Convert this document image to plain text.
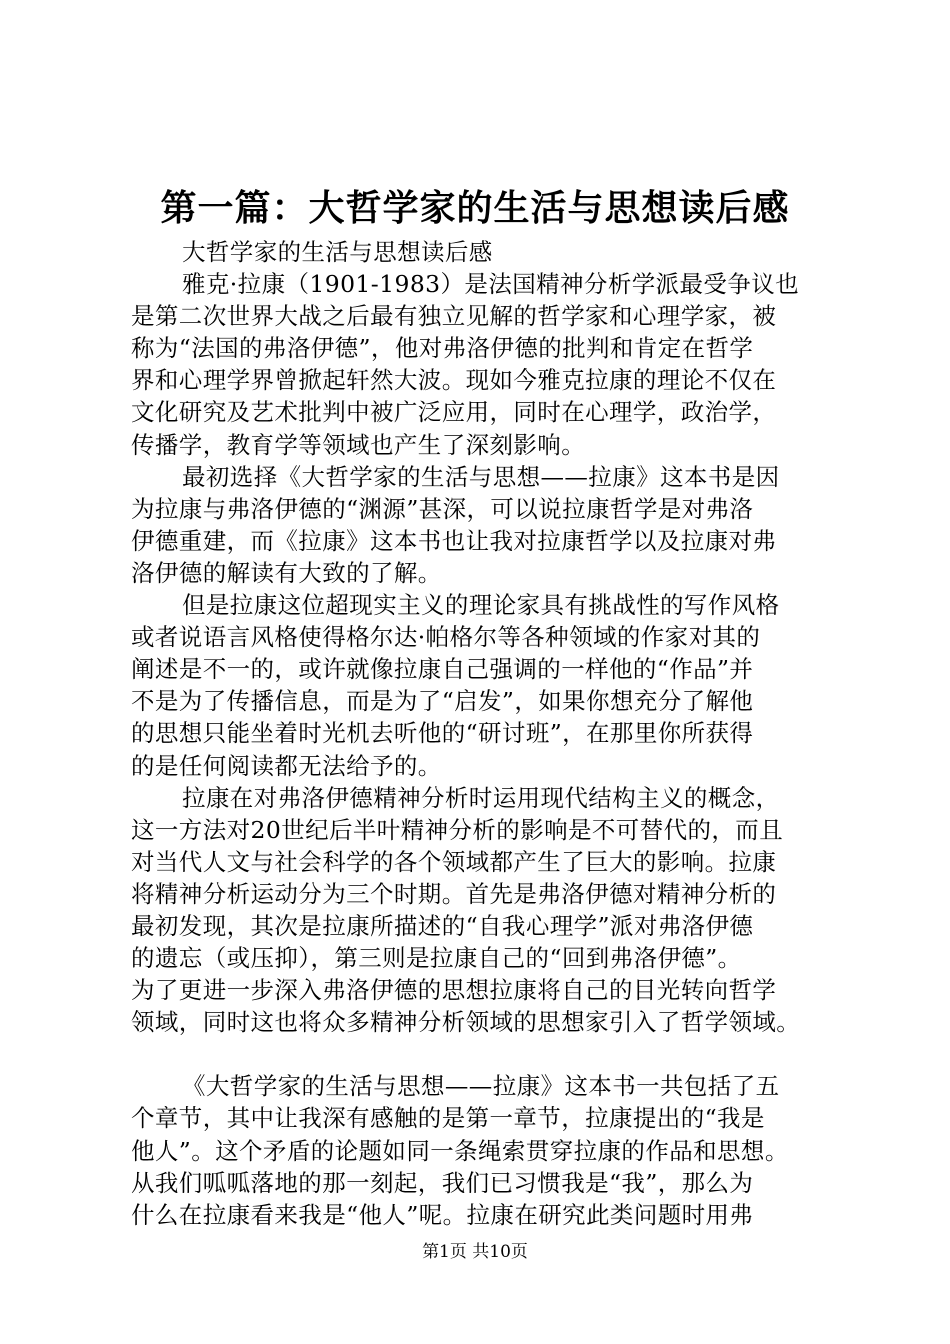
第一篇：大哲学家的生活与思想读后感
大哲学家的生活与思想读后感
雅克·拉康（1901-1983）是法国精神分析学派最受争议也
是第二次世界大战之后最有独立见解的哲学家和心理学家，被
称为“法国的弗洛伊德”，他对弗洛伊德的批判和肯定在哲学
界和心理学界曾掀起轩然大波。现如今雅克拉康的理论不仅在
文化研究及艺术批判中被广泛应用，同时在心理学，政治学，
传播学，教育学等领域也产生了深刻影响。
最初选择《大哲学家的生活与思想——拉康》这本书是因
为拉康与弗洛伊德的“渊源”甚深，可以说拉康哲学是对弗洛
伊德重建，而《拉康》这本书也让我对拉康哲学以及拉康对弗
洛伊德的解读有大致的了解。
但是拉康这位超现实主义的理论家具有挑战性的写作风格
或者说语言风格使得格尔达·帕格尔等各种领域的作家对其的
阐述是不一的，或许就像拉康自己强调的一样他的“作品”并
不是为了传播信息，而是为了“启发”，如果你想充分了解他
的思想只能坐着时光机去听他的“研讨班”，在那里你所获得
的是任何阅读都无法给予的。
拉康在对弗洛伊德精神分析时运用现代结构主义的概念，
这一方法对20世纪后半叶精神分析的影响是不可替代的，而且
对当代人文与社会科学的各个领域都产生了巨大的影响。拉康
将精神分析运动分为三个时期。首先是弗洛伊德对精神分析的
最初发现，其次是拉康所描述的“自我心理学”派对弗洛伊德
的遗忘（或压抑），第三则是拉康自己的“回到弗洛伊德”。
为了更进一步深入弗洛伊德的思想拉康将自己的目光转向哲学
领域，同时这也将众多精神分析领域的思想家引入了哲学领域。
《大哲学家的生活与思想——拉康》这本书一共包括了五
个章节，其中让我深有感触的是第一章节，拉康提出的“我是
他人”。这个矛盾的论题如同一条绳索贯穿拉康的作品和思想。
从我们呱呱落地的那一刻起，我们已习惯我是“我”，那么为
什么在拉康看来我是“他人”呢。拉康在研究此类问题时用弗
第1页 共10页
